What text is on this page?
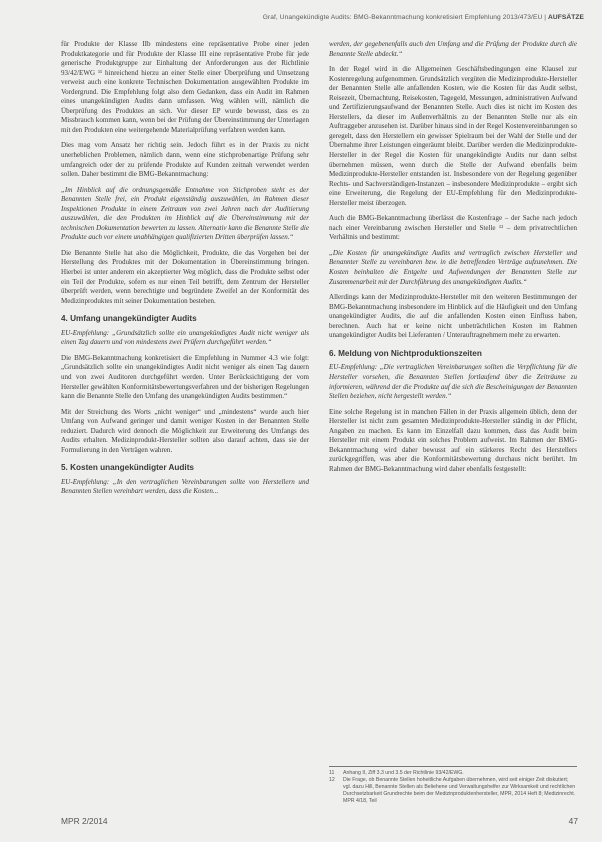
Graf, Unangekündigte Audits: BMG-Bekanntmachung konkretisiert Empfehlung 2013/473/EU | AUFSÄTZE

für Produkte der Klasse IIb mindestens eine repräsentative Probe einer jeden Produktkategorie und für Produkte der Klasse III eine repräsentative Probe für jede generische Produktgruppe zur Einhaltung der Anforderungen aus der Richtlinie 93/42/EWG ¹¹ hinreichend hierzu an einer Stelle einer Überprüfung und Umsetzung verweist auch eine konkrete Technischen Dokumentation ausgewählten Produkte im Vordergrund. Die Empfehlung folgt also dem Gedanken, dass ein Audit im Rahmen eines unangekündigten Audits dann umfassen. Weg wählen will, nämlich die Überprüfung des Produktes an sich. Vor dieser EP wurde bewusst, dass es zu Missbrauch kommen kann, wenn bei der Prüfung der Übereinstimmung der Unterlagen mit den Produkten eine weitergehende Materialprüfung verfahren werden kann.

Dies mag vom Ansatz her richtig sein. Jedoch führt es in der Praxis zu nicht unerheblichen Problemen, nämlich dann, wenn eine stichprobenartige Prüfung sehr umfangreich oder der zu prüfende Produkte auf Kunden zeitnah verwendet werden sollen. Daher bestimmt die BMG-Bekanntmachung:

„Im Hinblick auf die ordnungsgemäße Entnahme von Stichproben steht es der Benannten Stelle frei, ein Produkt eigenständig auszuwählen, im Rahmen dieser Inspektionen Produkte in einem Zeitraum von zwei Jahren nach der Auditierung auszuwählen, die den Produkten im Hinblick auf die Übereinstimmung mit der technischen Dokumentation bewerten zu lassen. Alternativ kann die Benannte Stelle die Produkte auch vor einem unabhängigen qualifizierten Dritten überprüfen lassen.“

Die Benannte Stelle hat also die Möglichkeit, Produkte, die das Vorgehen bei der Herstellung des Produktes mit der Dokumentation in Übereinstimmung bringen. Hierbei ist unter anderem ein akzeptierter Weg möglich, dass die Produkte selbst oder ein Teil der Produkte, sofern es nur einen Teil betrifft, dem Zentrum der Hersteller überprüft werden, wenn berechtigte und begründete Zweifel an der Konformität des Medizinproduktes mit seiner Dokumentation bestehen.

4. Umfang unangekündigter Audits

EU-Empfehlung: „Grundsätzlich sollte ein unangekündigtes Audit nicht weniger als einen Tag dauern und von mindestens zwei Prüfern durchgeführt werden.“

Die BMG-Bekanntmachung konkretisiert die Empfehlung in Nummer 4.3 wie folgt: „Grundsätzlich sollte ein unangekündigtes Audit nicht weniger als einen Tag dauern und von zwei Auditoren durchgeführt werden. Unter Berücksichtigung der vom Hersteller gewählten Konformitätsbewertungsverfahren und der bisherigen Regelungen kann die Benannte Stelle den Umfang des unangekündigten Audits bestimmen.“

Mit der Streichung des Worts „nicht weniger“ und „mindestens“ wurde auch hier Umfang von Aufwand geringer und damit weniger Kosten in der Benannten Stelle reduziert. Dadurch wird dennoch die Möglichkeit zur Erweiterung des Umfangs des Audits erhalten. Medizinprodukt-Hersteller sollten also darauf achten, dass sie der Formulierung in den Verträgen wahren.

5. Kosten unangekündigter Audits

EU-Empfehlung: „In den vertraglichen Vereinbarungen sollte von Herstellern und Benannten Stellen vereinbart werden, dass die Kosten...

werden, der gegebenenfalls auch den Umfang und die Prüfung der Produkte durch die Benannte Stelle abdeckt.“

In der Regel wird in die Allgemeinen Geschäftsbedingungen eine Klausel zur Kostenregelung aufgenommen. Grundsätzlich vergüten die Medizinprodukte-Hersteller der Benannten Stelle alle anfallenden Kosten, wie die Kosten für das Audit selbst, Reisezeit, Übernachtung, Reisekosten, Tagegeld, Messungen, administrativen Aufwand und Zertifizierungsaufwand der Benannten Stelle. Auch dies ist nicht im Kosten des Herstellers, da dieser im Außenverhältnis zu der Benannten Stelle nur als ein Auftraggeber anzusehen ist. Darüber hinaus sind in der Regel Kostenvereinbarungen so geregelt, dass den Herstellern ein gewisser Spielraum bei der Wahl der Stelle und der Übernahme ihrer Leistungen eingeräumt bleibt. Darüber werden die Medizinprodukte-Hersteller in der Regel die Kosten für unangekündigte Audits nur dann selbst übernehmen müssen, wenn durch die Stelle der Aufwand ebenfalls beim Medizinprodukte-Hersteller entstanden ist. Insbesondere von der Regelung gegenüber Rechts- und Sachverständigen-Instanzen – insbesondere Medizinprodukte – ergibt sich eine Erweiterung, die Regelung der EU-Empfehlung für den Medizinprodukte-Hersteller meist überzogen.

Auch die BMG-Bekanntmachung überlässt die Kostenfrage – der Sache nach jedoch nach einer Vereinbarung zwischen Hersteller und Stelle ¹² – dem privatrechtlichen Verhältnis und bestimmt:

„Die Kosten für unangekündigte Audits und vertraglich zwischen Hersteller und Benannter Stelle zu vereinbaren bzw. in die betreffenden Verträge aufzunehmen. Die Kosten beinhalten die Entgelte und Aufwendungen der Benannten Stelle zur Zusammenarbeit mit der Durchführung des unangekündigten Audits.“

Allerdings kann der Medizinprodukte-Hersteller mit den weiteren Bestimmungen der BMG-Bekanntmachung insbesondere im Hinblick auf die Häufigkeit und den Umfang unangekündigter Audits, die auf die anfallenden Kosten einen Einfluss haben, berechnen. Auch hat er keine nicht unbeträchtlichen Kosten im Rahmen unangekündigter Audits bei Lieferanten / Unterauftragnehmern mehr zu erwarten.

6. Meldung von Nichtproduktionszeiten

EU-Empfehlung: „Die vertraglichen Vereinbarungen sollten die Verpflichtung für die Hersteller vorsehen, die Benannten Stellen fortlaufend über die Zeiträume zu informieren, während der die Produkte auf die sich die Bescheinigungen der Benannten Stellen beziehen, nicht hergestellt werden.“

Eine solche Regelung ist in manchen Fällen in der Praxis allgemein üblich, denn der Hersteller ist nicht zum gesamten Medizinprodukte-Hersteller ständig in der Pflicht, Angaben zu machen. Es kann im Einzelfall dazu kommen, dass das Audit beim Hersteller mit einem Produkt ein solches Problem aufweist. Im Rahmen der BMG-Bekanntmachung wird daher bewusst auf ein stärkeres Recht des Herstellers zurückgegriffen, was aber die Konformitätsbewertung durchaus nicht berührt. Im Rahmen der BMG-Bekanntmachung wird daher ebenfalls festgestellt:

11	Anhang II, Ziff 3.3 und 3.5 der Richtlinie 93/42/EWG.
12	Die Frage, ob Benannte Stellen hoheitliche Aufgaben übernehmen, wird seit einiger Zeit diskutiert; vgl. dazu Hill, Benannte Stellen als Beliehene und Verwaltungshelfer zur Wirksamkeit und rechtlichen Durchsetzbarkeit Grundrechte beim der Medizinproduktenhersteller, MPR, 2014 Heft 8; Medizinrecht. MPR 4/18, Teil
MPR 2/2014	47
